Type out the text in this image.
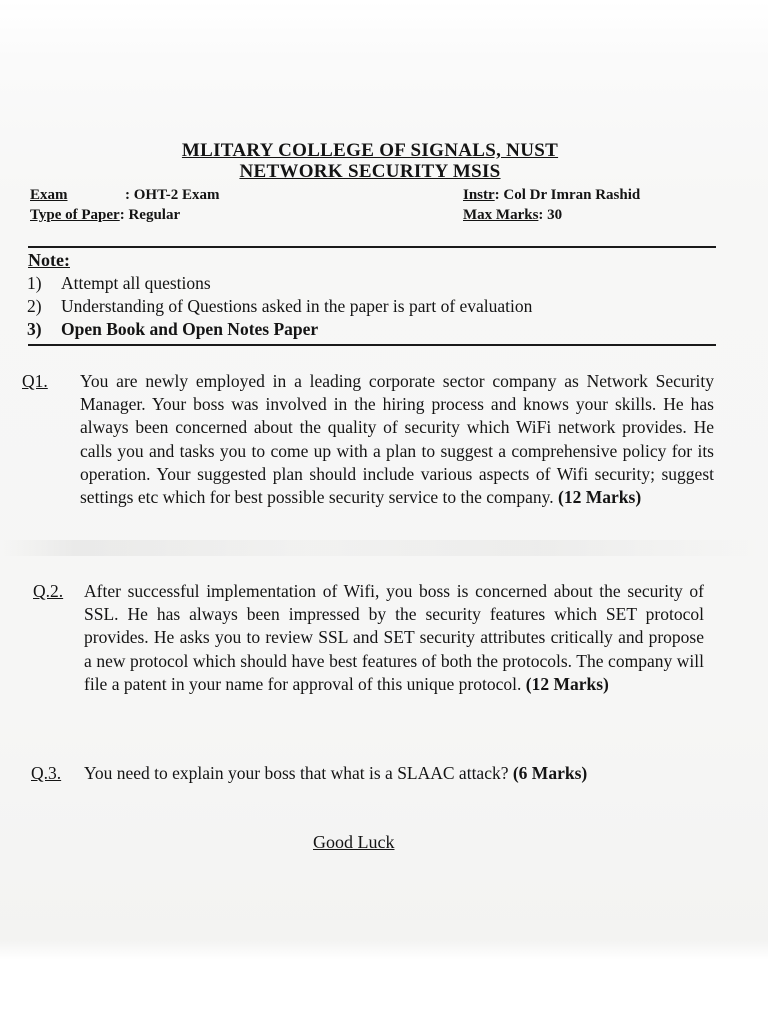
MLITARY COLLEGE OF SIGNALS, NUST
NETWORK SECURITY MSIS
Exam	: OHT-2 Exam
Type of Paper: Regular
Instr: Col Dr Imran Rashid
Max Marks: 30
Note:
1) Attempt all questions
2) Understanding of Questions asked in the paper is part of evaluation
3) Open Book and Open Notes Paper
Q1. You are newly employed in a leading corporate sector company as Network Security Manager. Your boss was involved in the hiring process and knows your skills. He has always been concerned about the quality of security which WiFi network provides. He calls you and tasks you to come up with a plan to suggest a comprehensive policy for its operation. Your suggested plan should include various aspects of Wifi security; suggest settings etc which for best possible security service to the company. (12 Marks)
Q.2. After successful implementation of Wifi, you boss is concerned about the security of SSL. He has always been impressed by the security features which SET protocol provides. He asks you to review SSL and SET security attributes critically and propose a new protocol which should have best features of both the protocols. The company will file a patent in your name for approval of this unique protocol. (12 Marks)
Q.3. You need to explain your boss that what is a SLAAC attack? (6 Marks)
Good Luck
